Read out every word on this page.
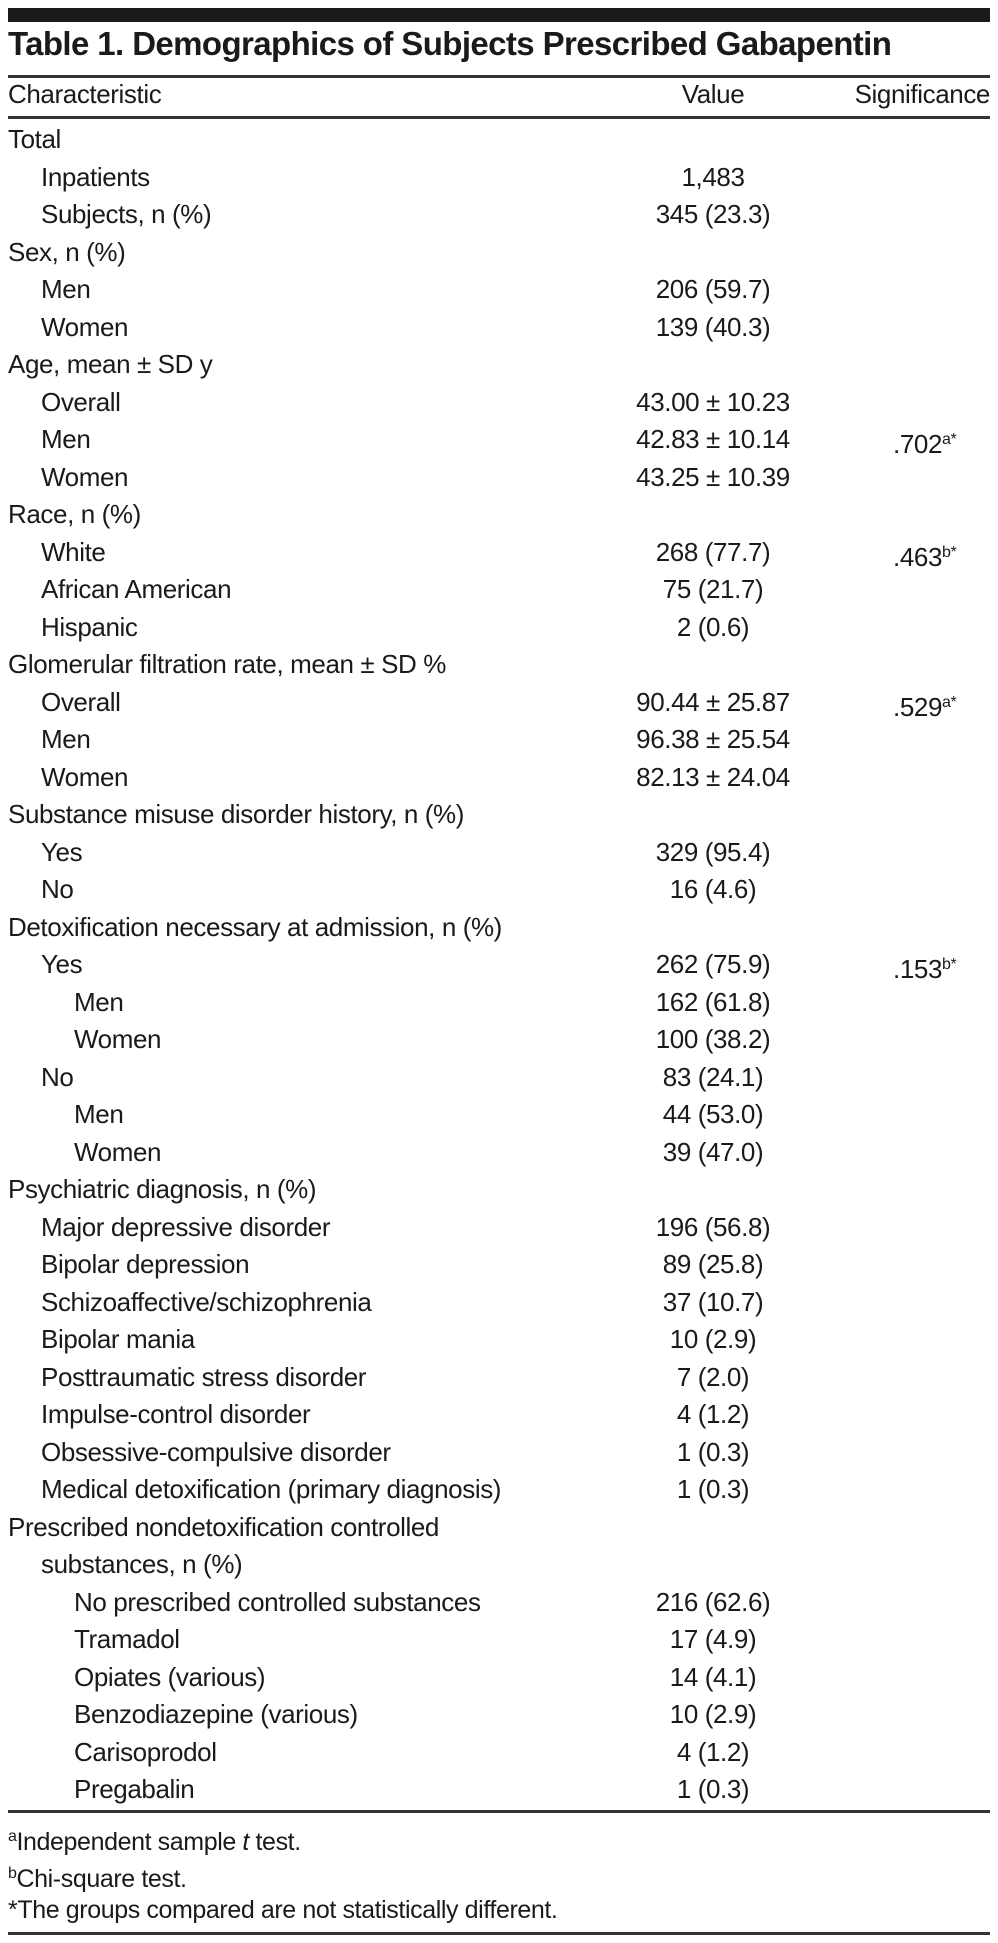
Table 1. Demographics of Subjects Prescribed Gabapentin
Characteristic	Value	Significance
Total
Inpatients	1,483
Subjects, n (%)	345 (23.3)
Sex, n (%)
Men	206 (59.7)
Women	139 (40.3)
Age, mean ± SD y
Overall	43.00 ± 10.23
Men	42.83 ± 10.14	$.702^{a*}$
Women	43.25 ± 10.39
Race, n (%)
White	268 (77.7)	$.463^{b*}$
African American	75 (21.7)
Hispanic	2 (0.6)
Glomerular filtration rate, mean ± SD %
Overall	90.44 ± 25.87	$.529^{a*}$
Men	96.38 ± 25.54
Women	82.13 ± 24.04
Substance misuse disorder history, n (%)
Yes	329 (95.4)
No	16 (4.6)
Detoxification necessary at admission, n (%)
Yes	262 (75.9)	$.153^{b*}$
Men	162 (61.8)
Women	100 (38.2)
No	83 (24.1)
Men	44 (53.0)
Women	39 (47.0)
Psychiatric diagnosis, n (%)
Major depressive disorder	196 (56.8)
Bipolar depression	89 (25.8)
Schizoaffective/schizophrenia	37 (10.7)
Bipolar mania	10 (2.9)
Posttraumatic stress disorder	7 (2.0)
Impulse-control disorder	4 (1.2)
Obsessive-compulsive disorder	1 (0.3)
Medical detoxification (primary diagnosis)	1 (0.3)
Prescribed nondetoxification controlled
substances, n (%)
No prescribed controlled substances	216 (62.6)
Tramadol	17 (4.9)
Opiates (various)	14 (4.1)
Benzodiazepine (various)	10 (2.9)
Carisoprodol	4 (1.2)
Pregabalin	1 (0.3)
$^a$Independent sample t test.
$^b$Chi-square test.
*The groups compared are not statistically different.
